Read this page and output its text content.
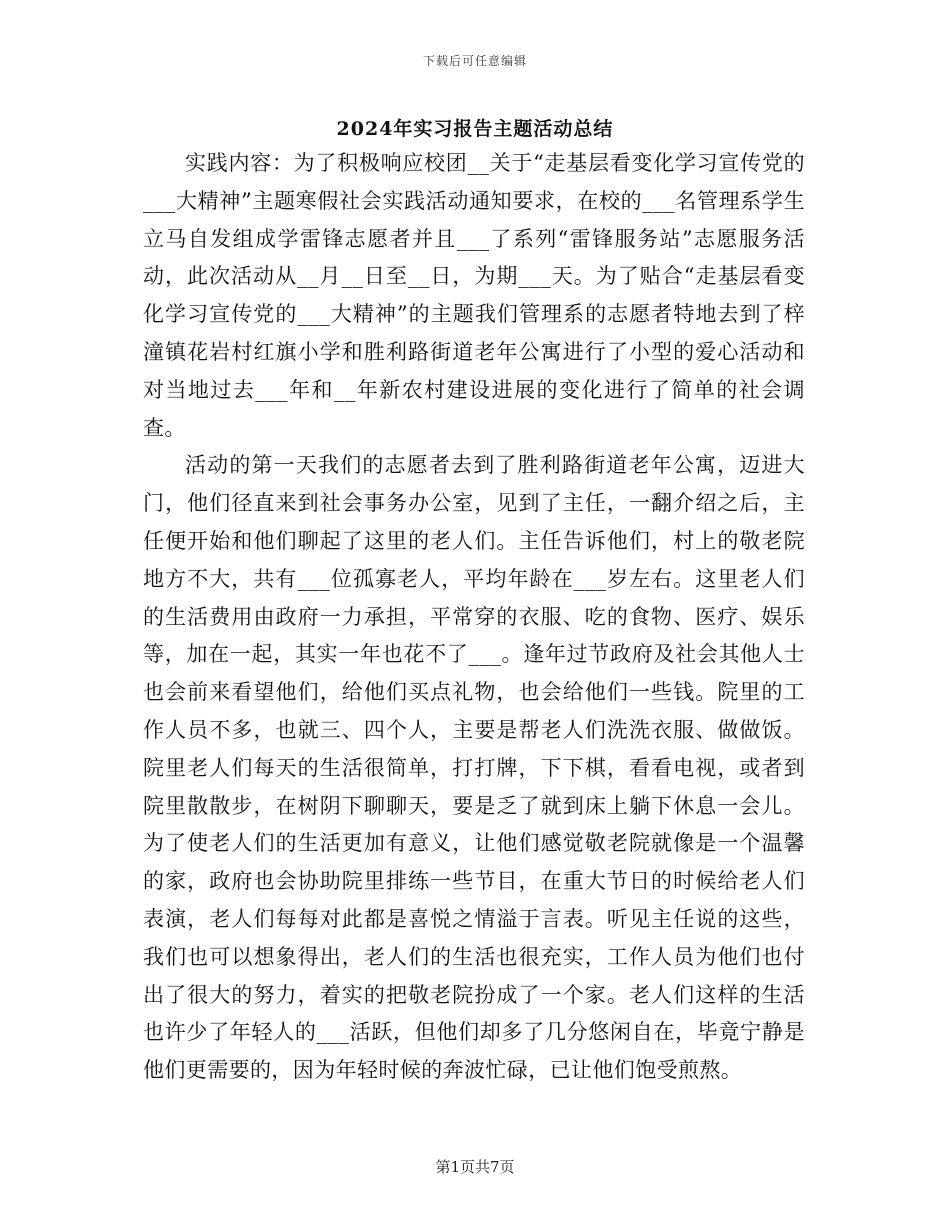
下载后可任意编辑
2024年实习报告主题活动总结

实践内容：为了积极响应校团__关于“走基层看变化学习宣传党的___大精神”主题寒假社会实践活动通知要求，在校的___名管理系学生立马自发组成学雷锋志愿者并且___了系列“雷锋服务站”志愿服务活动，此次活动从__月__日至__日，为期___天。为了贴合“走基层看变化学习宣传党的___大精神”的主题我们管理系的志愿者特地去到了梓潼镇花岩村红旗小学和胜利路街道老年公寓进行了小型的爱心活动和对当地过去___年和__年新农村建设进展的变化进行了简单的社会调查。

活动的第一天我们的志愿者去到了胜利路街道老年公寓，迈进大门，他们径直来到社会事务办公室，见到了主任，一翻介绍之后，主任便开始和他们聊起了这里的老人们。主任告诉他们，村上的敬老院地方不大，共有___位孤寡老人，平均年龄在___岁左右。这里老人们的生活费用由政府一力承担，平常穿的衣服、吃的食物、医疗、娱乐等，加在一起，其实一年也花不了___。逢年过节政府及社会其他人士也会前来看望他们，给他们买点礼物，也会给他们一些钱。院里的工作人员不多，也就三、四个人，主要是帮老人们洗洗衣服、做做饭。院里老人们每天的生活很简单，打打牌，下下棋，看看电视，或者到院里散散步，在树阴下聊聊天，要是乏了就到床上躺下休息一会儿。为了使老人们的生活更加有意义，让他们感觉敬老院就像是一个温馨的家，政府也会协助院里排练一些节目，在重大节日的时候给老人们表演，老人们每每对此都是喜悦之情溢于言表。听见主任说的这些，我们也可以想象得出，老人们的生活也很充实，工作人员为他们也付出了很大的努力，着实的把敬老院扮成了一个家。老人们这样的生活也许少了年轻人的___活跃，但他们却多了几分悠闲自在，毕竟宁静是他们更需要的，因为年轻时候的奔波忙碌，已让他们饱受煎熬。

第1页共7页
